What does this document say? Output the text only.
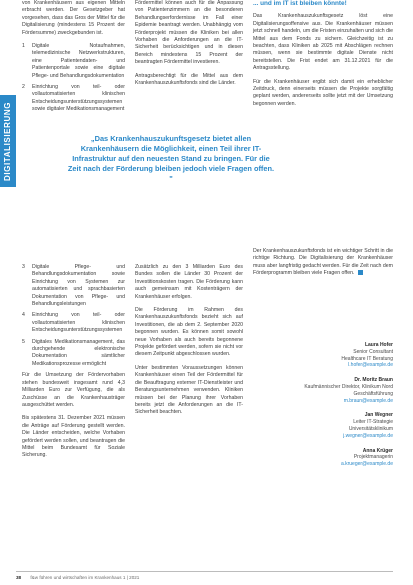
DIGITALISIERUNG

von Krankenhäusern aus eigenen Mitteln erbracht werden. Der Gesetzgeber hat vorgesehen, dass das Gros der Mittel für die Digitalisierung (mindestens 15 Prozent der Fördersumme) zweckgebunden ist.

1	Digitale Notaufnahmen, telemedizinische Netzwerkstrukturen, eine Patientendaten- und Patientenportale sowie eine digitale Pflege- und Behandlungsdokumentation
2	Einrichtung von teil- oder vollautomatisierten klinischen Entscheidungsunterstützungssystemen sowie digitaler Medikationsmanagement

Fördermittel können auch für die Anpassung von Patientenzimmern an die besonderen Behandlungserfordernisse im Fall einer Epidemie beantragt werden. Unabhängig vom Förderprojekt müssen die Kliniken bei allen Vorhaben die Anforderungen an die IT-Sicherheit berücksichtigen und in diesen Bereich mindestens 15 Prozent der beantragten Fördermittel investieren.

Antragsberechtigt für die Mittel aus dem Krankenhauszukunftsfonds sind die Länder.

... und im IT ist bleiben könnte!

Das Krankenhauszukunftsgesetz löst eine Digitalisierungsoffensive aus. Die Krankenhäuser müssen jetzt schnell handeln, um die Fristen einzuhalten und sich die Mittel aus dem Fonds zu sichern. Gleichzeitig ist zu beachten, dass Kliniken ab 2025 mit Abschlägen rechnen müssen, wenn sie bestimmte digitale Dienste nicht bereitstellen. Die Frist endet am 31.12.2021 für die Antragsstellung.

Für die Krankenhäuser ergibt sich damit ein erheblicher Zeitdruck, denn einerseits müssen die Projekte sorgfältig geplant werden, andererseits sollte jetzt mit der Umsetzung begonnen werden.

„Das Krankenhauszukunftsgesetz bietet allen Krankenhäusern die Möglichkeit, einen Teil ihrer IT-Infrastruktur auf den neuesten Stand zu bringen. Für die Zeit nach der Förderung bleiben jedoch viele Fragen offen. "
3	Digitale Pflege- und Behandlungsdokumentation sowie Einrichtung von Systemen zur automatisierten und sprachbasierten Dokumentation von Pflege- und Behandlungsleistungen
4	Einrichtung von teil- oder vollautomatisierten klinischen Entscheidungsunterstützungssystemen
5	Digitales Medikationsmanagement, das durchgehende elektronische Dokumentation sämtlicher Medikationsprozesse ermöglicht

Für die Umsetzung der Fördervorhaben stehen bundesweit insgesamt rund 4,3 Milliarden Euro zur Verfügung, die als Zuschüsse an die Krankenhausträger ausgeschüttet werden.

Bis spätestens 31. Dezember 2021 müssen die Anträge auf Förderung gestellt werden. Die Länder entscheiden, welche Vorhaben gefördert werden sollen, und beantragen die Mittel beim Bundesamt für Soziale Sicherung.

Zusätzlich zu den 3 Milliarden Euro des Bundes sollen die Länder 30 Prozent der Investitionskosten tragen. Die Förderung kann auch gemeinsam mit Kostenträgern der Krankenhäuser erfolgen.

Die Förderung im Rahmen des Krankenhauszukunftsfonds bezieht sich auf Investitionen, die ab dem 2. September 2020 begonnen wurden. Es können somit sowohl neue Vorhaben als auch bereits begonnene Projekte gefördert werden, sofern sie nicht vor diesem Zeitpunkt abgeschlossen wurden.

Unter bestimmten Voraussetzungen können Krankenhäuser einen Teil der Fördermittel für die Beauftragung externer IT-Dienstleister und Beratungsunternehmen verwenden. Kliniken müssen bei der Planung ihrer Vorhaben bereits jetzt die Anforderungen an die IT-Sicherheit beachten.

Der Krankenhauszukunftsfonds ist ein wichtiger Schritt in die richtige Richtung. Die Digitalisierung der Krankenhäuser muss aber langfristig gedacht werden. Für die Zeit nach dem Förderprogramm bleiben viele Fragen offen.

Laura Hofer
Senior Consultant
Healthcare IT Beratung
l.hofer@example.de
Dr. Moritz Braun
Kaufmännischer Direktor, Klinikum Nord
Geschäftsführung
m.braun@example.de
Jan Wegner
Leiter IT-Strategie
Universitätsklinikum
j.wegner@example.de
Anna Krüger
Projektmanagerin
a.krueger@example.de
38 f&w führen und wirtschaften im Krankenhaus 1 | 2021
